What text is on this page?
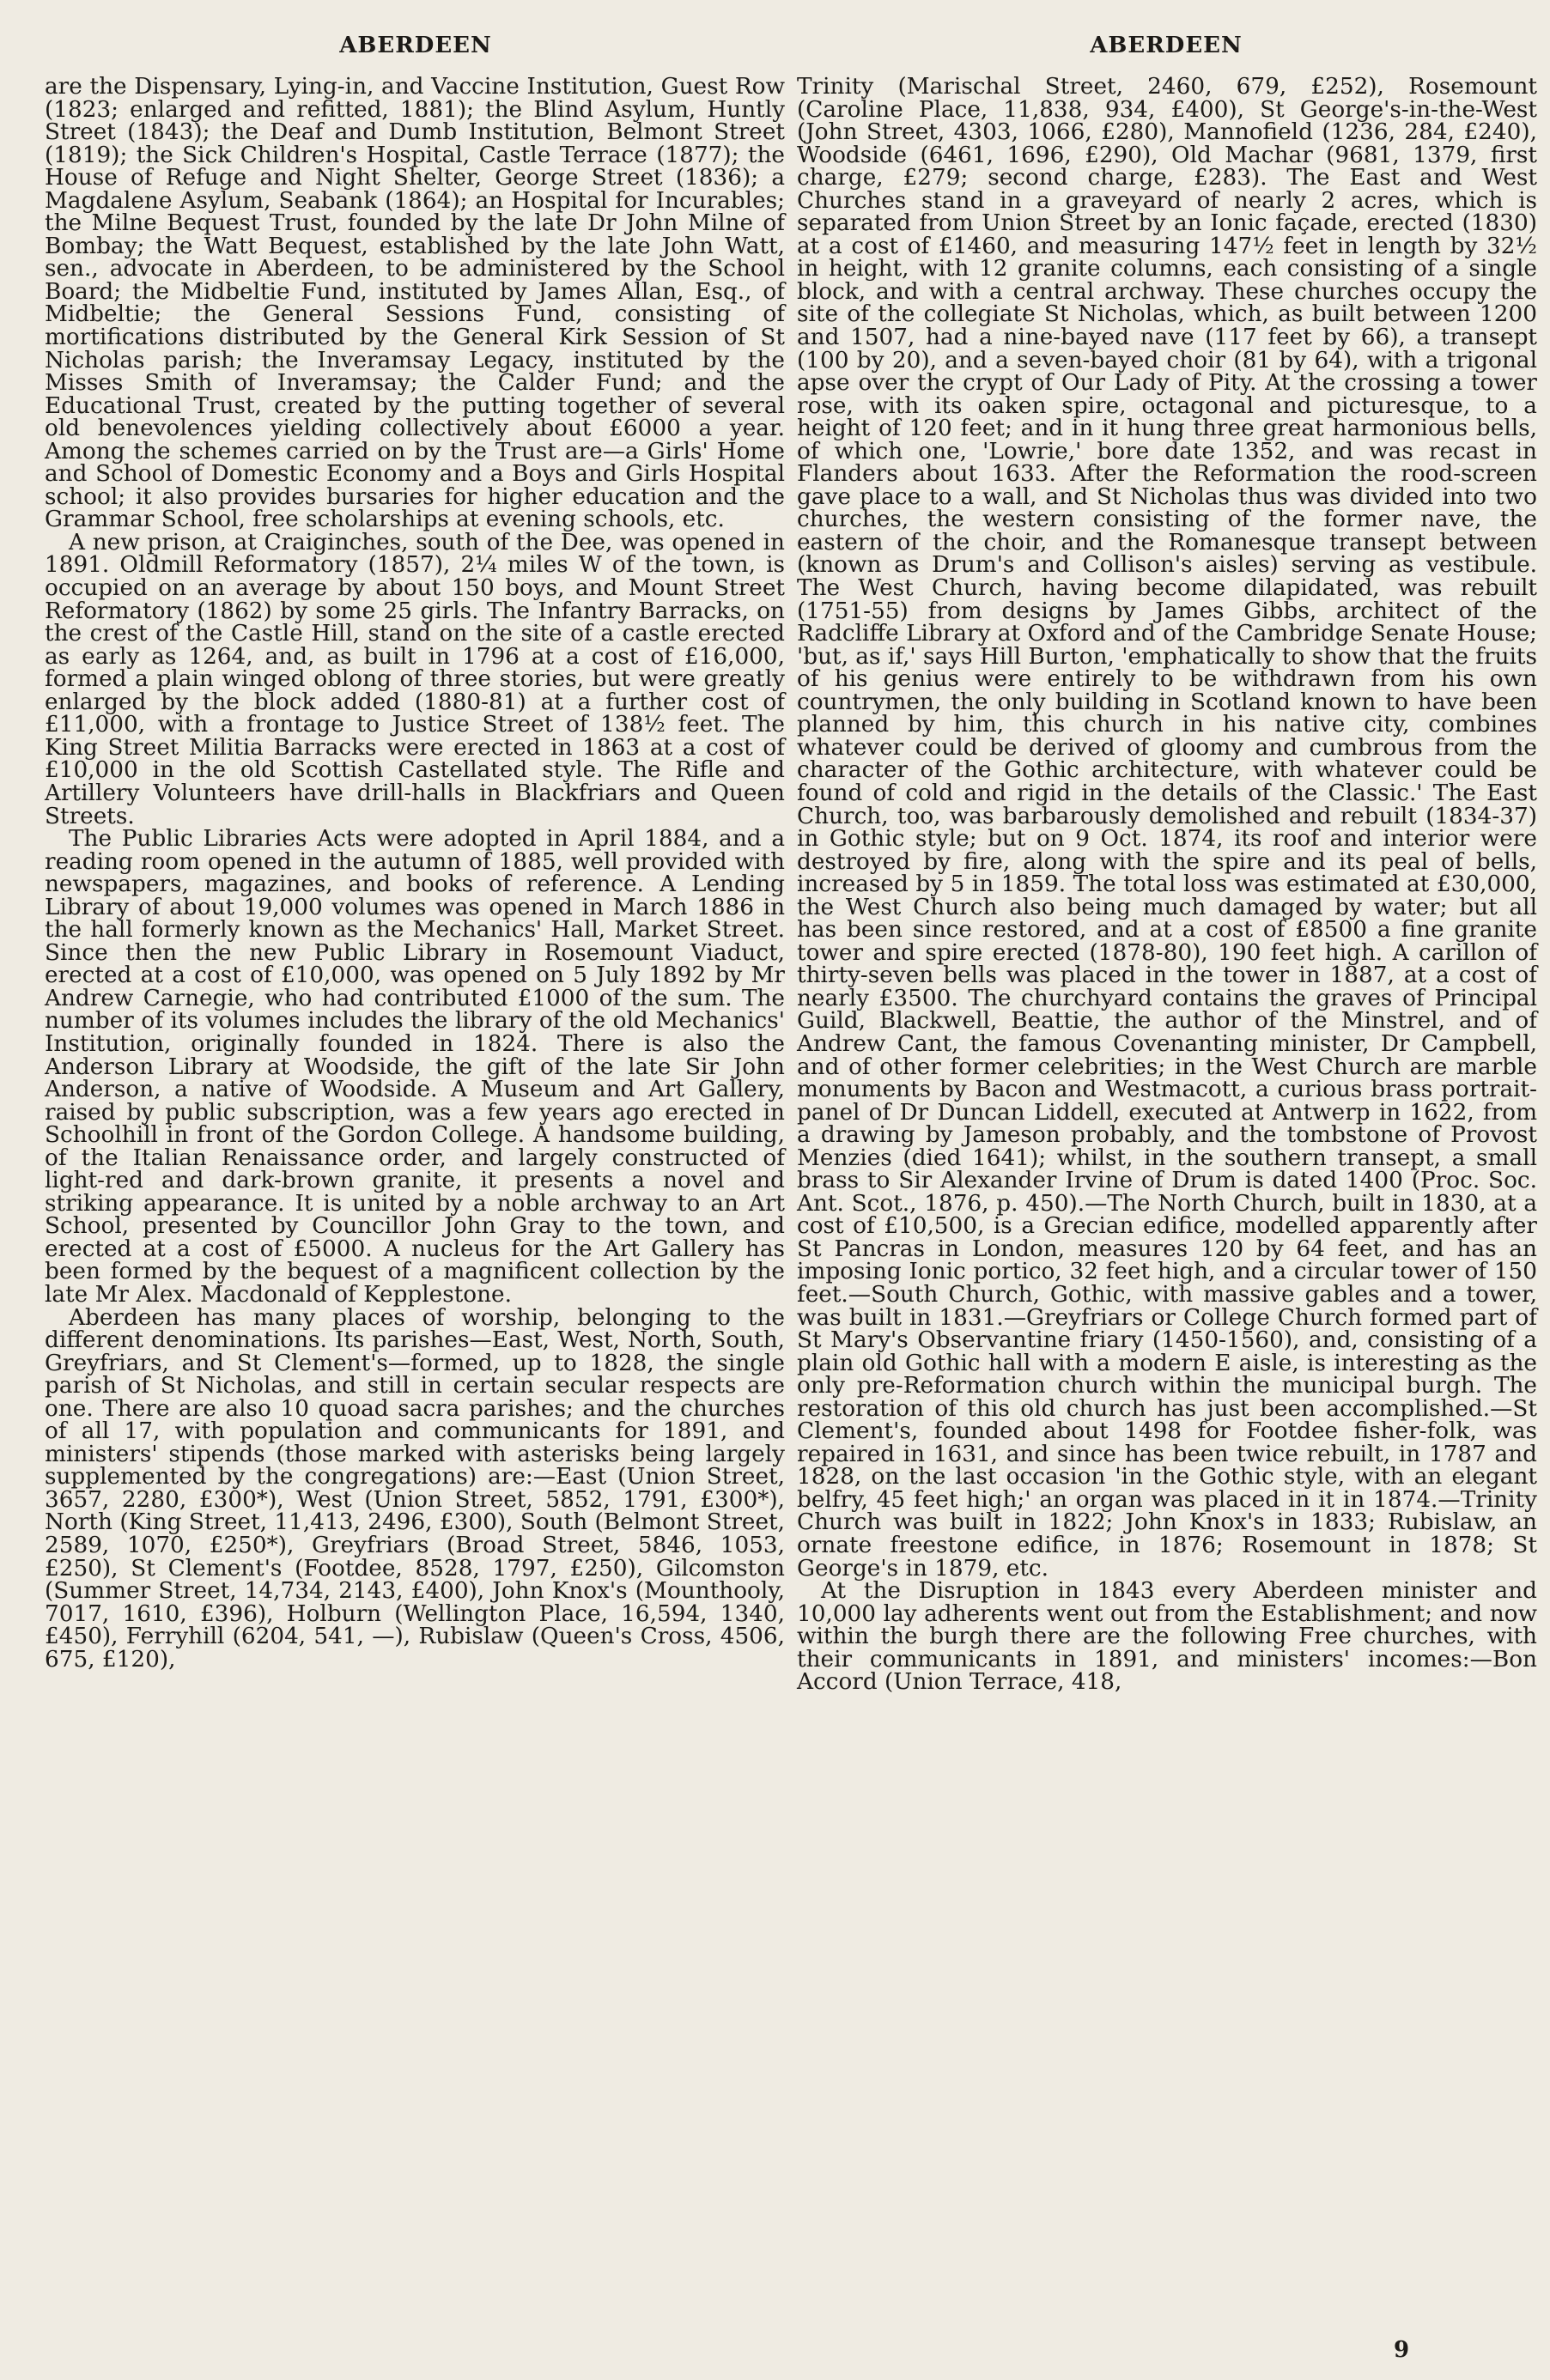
ABERDEEN	ABERDEEN

are the Dispensary, Lying-in, and Vaccine Institution, Guest Row (1823; enlarged and refitted, 1881); the Blind Asylum, Huntly Street (1843); the Deaf and Dumb Institution, Belmont Street (1819); the Sick Children's Hospital, Castle Terrace (1877); the House of Refuge and Night Shelter, George Street (1836); a Magdalene Asylum, Seabank (1864); an Hospital for Incurables; the Milne Bequest Trust, founded by the late Dr John Milne of Bombay; the Watt Bequest, established by the late John Watt, sen., advocate in Aberdeen, to be administered by the School Board; the Midbeltie Fund, instituted by James Allan, Esq., of Midbeltie; the General Sessions Fund, consisting of mortifications distributed by the General Kirk Session of St Nicholas parish; the Inveramsay Legacy, instituted by the Misses Smith of Inveramsay; the Calder Fund; and the Educational Trust, created by the putting together of several old benevolences yielding collectively about £6000 a year. Among the schemes carried on by the Trust are—a Girls' Home and School of Domestic Economy and a Boys and Girls Hospital school; it also provides bursaries for higher education and the Grammar School, free scholarships at evening schools, etc.

A new prison, at Craiginches, south of the Dee, was opened in 1891. Oldmill Reformatory (1857), 2¼ miles W of the town, is occupied on an average by about 150 boys, and Mount Street Reformatory (1862) by some 25 girls. The Infantry Barracks, on the crest of the Castle Hill, stand on the site of a castle erected as early as 1264, and, as built in 1796 at a cost of £16,000, formed a plain winged oblong of three stories, but were greatly enlarged by the block added (1880-81) at a further cost of £11,000, with a frontage to Justice Street of 138½ feet. The King Street Militia Barracks were erected in 1863 at a cost of £10,000 in the old Scottish Castellated style. The Rifle and Artillery Volunteers have drill-halls in Blackfriars and Queen Streets.

The Public Libraries Acts were adopted in April 1884, and a reading room opened in the autumn of 1885, well provided with newspapers, magazines, and books of reference. A Lending Library of about 19,000 volumes was opened in March 1886 in the hall formerly known as the Mechanics' Hall, Market Street. Since then the new Public Library in Rosemount Viaduct, erected at a cost of £10,000, was opened on 5 July 1892 by Mr Andrew Carnegie, who had contributed £1000 of the sum. The number of its volumes includes the library of the old Mechanics' Institution, originally founded in 1824. There is also the Anderson Library at Woodside, the gift of the late Sir John Anderson, a native of Woodside. A Museum and Art Gallery, raised by public subscription, was a few years ago erected in Schoolhill in front of the Gordon College. A handsome building, of the Italian Renaissance order, and largely constructed of light-red and dark-brown granite, it presents a novel and striking appearance. It is united by a noble archway to an Art School, presented by Councillor John Gray to the town, and erected at a cost of £5000. A nucleus for the Art Gallery has been formed by the bequest of a magnificent collection by the late Mr Alex. Macdonald of Kepplestone.

Aberdeen has many places of worship, belonging to the different denominations. Its parishes—East, West, North, South, Greyfriars, and St Clement's—formed, up to 1828, the single parish of St Nicholas, and still in certain secular respects are one. There are also 10 quoad sacra parishes; and the churches of all 17, with population and communicants for 1891, and ministers' stipends (those marked with asterisks being largely supplemented by the congregations) are:—East (Union Street, 3657, 2280, £300*), West (Union Street, 5852, 1791, £300*), North (King Street, 11,413, 2496, £300), South (Belmont Street, 2589, 1070, £250*), Greyfriars (Broad Street, 5846, 1053, £250), St Clement's (Footdee, 8528, 1797, £250), Gilcomston (Summer Street, 14,734, 2143, £400), John Knox's (Mounthooly, 7017, 1610, £396), Holburn (Wellington Place, 16,594, 1340, £450), Ferryhill (6204, 541, —), Rubislaw (Queen's Cross, 4506, 675, £120),

Trinity (Marischal Street, 2460, 679, £252), Rosemount (Caroline Place, 11,838, 934, £400), St George's-in-the-West (John Street, 4303, 1066, £280), Mannofield (1236, 284, £240), Woodside (6461, 1696, £290), Old Machar (9681, 1379, first charge, £279; second charge, £283). The East and West Churches stand in a graveyard of nearly 2 acres, which is separated from Union Street by an Ionic façade, erected (1830) at a cost of £1460, and measuring 147½ feet in length by 32½ in height, with 12 granite columns, each consisting of a single block, and with a central archway. These churches occupy the site of the collegiate St Nicholas, which, as built between 1200 and 1507, had a nine-bayed nave (117 feet by 66), a transept (100 by 20), and a seven-bayed choir (81 by 64), with a trigonal apse over the crypt of Our Lady of Pity. At the crossing a tower rose, with its oaken spire, octagonal and picturesque, to a height of 120 feet; and in it hung three great harmonious bells, of which one, 'Lowrie,' bore date 1352, and was recast in Flanders about 1633. After the Reformation the rood-screen gave place to a wall, and St Nicholas thus was divided into two churches, the western consisting of the former nave, the eastern of the choir, and the Romanesque transept between (known as Drum's and Collison's aisles) serving as vestibule. The West Church, having become dilapidated, was rebuilt (1751-55) from designs by James Gibbs, architect of the Radcliffe Library at Oxford and of the Cambridge Senate House; 'but, as if,' says Hill Burton, 'emphatically to show that the fruits of his genius were entirely to be withdrawn from his own countrymen, the only building in Scotland known to have been planned by him, this church in his native city, combines whatever could be derived of gloomy and cumbrous from the character of the Gothic architecture, with whatever could be found of cold and rigid in the details of the Classic.' The East Church, too, was barbarously demolished and rebuilt (1834-37) in Gothic style; but on 9 Oct. 1874, its roof and interior were destroyed by fire, along with the spire and its peal of bells, increased by 5 in 1859. The total loss was estimated at £30,000, the West Church also being much damaged by water; but all has been since restored, and at a cost of £8500 a fine granite tower and spire erected (1878-80), 190 feet high. A carillon of thirty-seven bells was placed in the tower in 1887, at a cost of nearly £3500. The churchyard contains the graves of Principal Guild, Blackwell, Beattie, the author of the Minstrel, and of Andrew Cant, the famous Covenanting minister, Dr Campbell, and of other former celebrities; in the West Church are marble monuments by Bacon and Westmacott, a curious brass portrait-panel of Dr Duncan Liddell, executed at Antwerp in 1622, from a drawing by Jameson probably, and the tombstone of Provost Menzies (died 1641); whilst, in the southern transept, a small brass to Sir Alexander Irvine of Drum is dated 1400 (Proc. Soc. Ant. Scot., 1876, p. 450).—The North Church, built in 1830, at a cost of £10,500, is a Grecian edifice, modelled apparently after St Pancras in London, measures 120 by 64 feet, and has an imposing Ionic portico, 32 feet high, and a circular tower of 150 feet.—South Church, Gothic, with massive gables and a tower, was built in 1831.—Greyfriars or College Church formed part of St Mary's Observantine friary (1450-1560), and, consisting of a plain old Gothic hall with a modern E aisle, is interesting as the only pre-Reformation church within the municipal burgh. The restoration of this old church has just been accomplished.—St Clement's, founded about 1498 for Footdee fisher-folk, was repaired in 1631, and since has been twice rebuilt, in 1787 and 1828, on the last occasion 'in the Gothic style, with an elegant belfry, 45 feet high;' an organ was placed in it in 1874.—Trinity Church was built in 1822; John Knox's in 1833; Rubislaw, an ornate freestone edifice, in 1876; Rosemount in 1878; St George's in 1879, etc.

At the Disruption in 1843 every Aberdeen minister and 10,000 lay adherents went out from the Establishment; and now within the burgh there are the following Free churches, with their communicants in 1891, and ministers' incomes:—Bon Accord (Union Terrace, 418,

9
